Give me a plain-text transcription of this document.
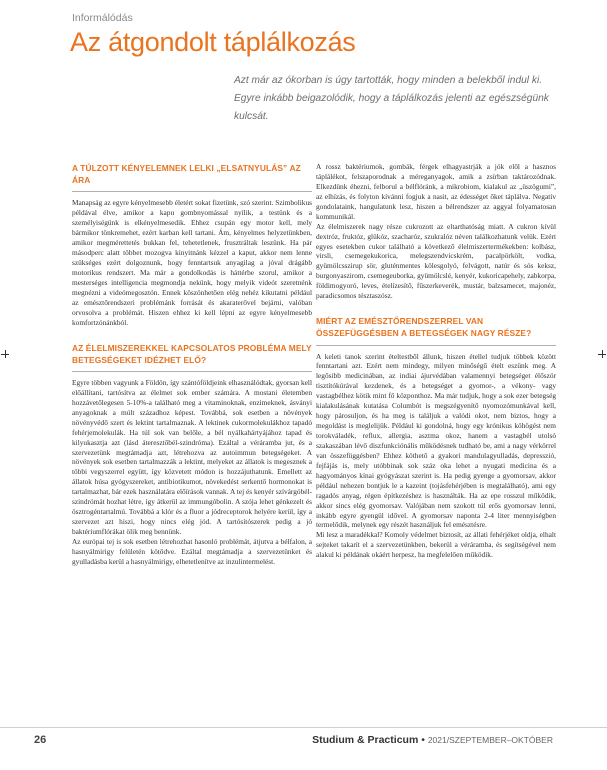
Informálódás
Az átgondolt táplálkozás
Azt már az ókorban is úgy tartották, hogy minden a belekből indul ki. Egyre inkább beigazolódik, hogy a táplálkozás jelenti az egészségünk kulcsát.
A TÚLZOTT KÉNYELEMNEK LELKI „ELSATNYULÁS” AZ ÁRA

Manapság az egyre kényelmesebb életért sokat fizetünk, szó szerint. Szimbolikus példával élve, amikor a kapu gombnyomással nyílik, a testünk és a személyiségünk is elkényelmesedik. Ehhez csupán egy motor kell, mely bármikor tönkremehet, ezért karban kell tartani. Ám, kényelmes helyzetünkben, amikor megmérettetés bukkan fel, tehetetlenek, frusztráltak leszünk. Ha pár másodperc alatt többet mozogva kinyitnánk kézzel a kaput, akkor nem lenne szükséges ezért dolgoznunk, hogy fenntartsuk anyagilag a jóval drágább motorikus rendszert. Ma már a gondolkodás is háttérbe szorul, amikor a mesterséges intelligencia megmondja nekünk, hogy melyik videót szeretnénk megnézni a videómegosztón. Ennek köszönhetően elég nehéz kikutatni például az emésztőrendszeri problémánk forrását és akaraterővel bejárni, valóban orvosolva a problémát. Hiszen ehhez ki kell lépni az egyre kényelmesebb komfortzónánkból.

AZ ÉLELMISZEREKKEL KAPCSOLATOS PROBLÉMA MELY BETEGSÉGEKET IDÉZHET ELŐ?

Egyre többen vagyunk a Földön, így szántóföldjeink elhasználódtak, gyorsan kell előállítani, tartósítva az élelmet sok ember számára. A mostani életemben hozzávetőlegesen 5-10%-a található meg a vitaminoknak, enzimeknek, ásványi anyagoknak a múlt századhoz képest. Továbbá, sok esetben a növények növényvédő szert és lektint tartalmaznak. A lektinek cukormolekulákhoz tapadó fehérjemolekulák. Ha túl sok van belőle, a bél nyálkahártyájához tapad és kilyukasztja azt (lásd áteresztőbél-szindróma). Ezáltal a véráramba jut, és a szervezetünk megtámadja azt, létrehozva az autoimmun betegségeket. A növények sok esetben tartalmazzák a lektint, melyeket az állatok is megesznek a többi vegyszerrel együtt, így közvetett módon is hozzájuthatunk. Emellett az állatok húsa gyógyszereket, antibiotikumot, növekedést serkentő hormonokat is tartalmazhat, bár ezek használatára előírások vannak. A tej és kenyér szívárgóbél-szindrómát hozhat létre, így átkerül az immungóbolin. A szója lehet génkezelt és ösztrogéntartalmú. Továbbá a klór és a fluor a jódreceptorok helyére kerül, így a szervezet azt hiszi, hogy nincs elég jód. A tartósítószerek pedig a jó baktériumflórákat ölik meg bennünk.

Az európai tej is sok esetben létrehozhat hasonló problémát, átjutva a bélfalon, a hasnyálmirigy felületén kötődve. Ezáltal megtámadja a szervezetünket és gyulladásba kerül a hasnyálmirigy, elhetetlenítve az inzulintermelést.

A rossz baktériumok, gombák, férgek elhagyastrják a jók elől a hasznos táplálékot, felszaporodnak a méreganyagok, amik a zsírban taktározódnak. Elkezdünk éhezni, felborul a bélflóránk, a mikrobiom, kialakul az „üszögumi”, az elhízás, és folyton kívánni fogjuk a nasit, az édességet őket táplálva. Negatív gondolataink, hangulatunk lesz, hiszen a bélrendszer az aggyal folyamatosan kommunikál.

Az élelmiszerek nagy része cukrozott az eltarthatóság miatt. A cukron kívül dextróz, fruktóz, glükóz, szacharóz, szukralóz néven találkozhatunk velük. Ezért egyes esetekben cukor található a következő élelmiszertermékekben: kolbász, virsli, csemegekukorica, melegszendvicskrém, pacalpörkölt, vodka, gyümölcsszirup sör, gluténmentes kölesgolyó, felvágott, natúr és sós keksz, burgonyaszirom, csemegeuborka, gyümölcslé, kenyér, kukoricapehely, zabkorpa, földimogyoró, leves, ételízesítő, fűszerkeverék, mustár, balzsamecet, majonéz, paradicsomos tésztaszósz.

MIÉRT AZ EMÉSZTŐRENDSZERREL VAN ÖSSZEFÜGGÉSBEN A BETEGSÉGEK NAGY RÉSZE?

A keleti tanok szerint ételtestből állunk, hiszen étellel tudjuk többek között fenntartani azt. Ezért nem mindegy, milyen minőségű ételt eszünk meg. A legősibb medicinában, az indiai ájurvédában valamennyi betegséget élőször tisztítókúrával kezdenek, és a betegséget a gyomor-, a vékony- vagy vastagbélhez kötik mint fő központhoz. Ma már tudjuk, hogy a sok ezer betegség kialakulásának kutatása Columbót is megszégyenítő nyomozómunkával kell, hogy párosuljon, és ha meg is találjuk a valódi okot, nem biztos, hogy a megoldást is meglelijük. Például ki gondolná, hogy egy krónikus köhögést nem torokváladék, reflux, allergia, asztma okoz, hanem a vastagbél utolsó szakaszában lévő diszfunkciónális működésnek tudható be, ami a nagy vérkörrel van összefüggésben? Ehhez köthető a gyakori mandulagyulladás, depresszió, fejfájás is, mely utóbbinak sok száz oka lehet a nyugati medicina és a hagyományos kínai gyógyászat szerint is. Ha pedig gyenge a gyomorsav, akkor például nehezen bontjuk le a kazeint (tojásfehérjében is megtalálható), ami egy ragadós anyag, régen építkezéshez is használták. Ha az epe rosszul működik, akkor sincs elég gyomorsav. Valójában nem szokott túl erős gyomorsav lenni, inkább egyre gyengül idővel. A gyomorsav naponta 2-4 liter mennyiségben termelődik, melynek egy részét használjuk fel emésztésre.

Mi lesz a maradékkal? Komoly védelmet biztosít, az állati fehérjéket oldja, elhalt sejteket takarít el a szervezetünkben, bekerül a véráramba, és segítségével nem alakul ki példának okáért herpesz, ha megfelelően működik.

26	Studium & Practicum • 2021/SZEPTEMBER–OKTÓBER
